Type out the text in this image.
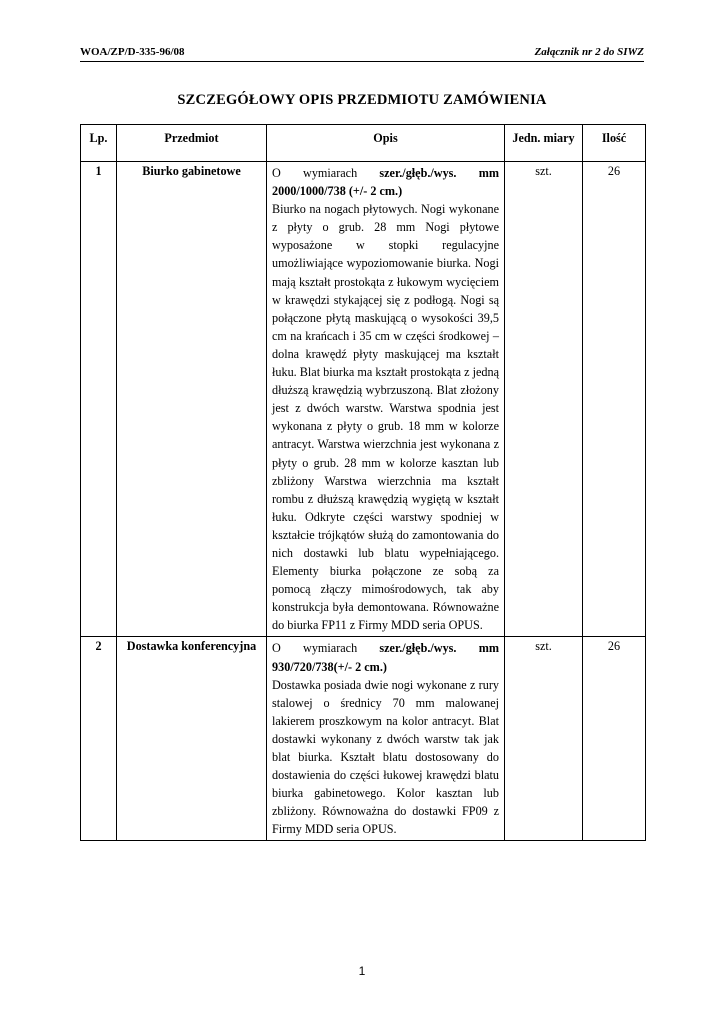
WOA/ZP/D-335-96/08	Załącznik nr 2 do SIWZ
SZCZEGÓŁOWY OPIS PRZEDMIOTU ZAMÓWIENIA
Lp.	Przedmiot	Opis	Jedn. miary	Ilość
1	Biurko gabinetowe	O wymiarach szer./głęb./wys. mm 2000/1000/738 (+/- 2 cm.)
Biurko na nogach płytowych. Nogi wykonane z płyty o grub. 28 mm Nogi płytowe wyposażone w stopki regulacyjne umożliwiające wypoziomowanie biurka. Nogi mają kształt prostokąta z łukowym wycięciem w krawędzi stykającej się z podłogą. Nogi są połączone płytą maskującą o wysokości 39,5 cm na krańcach i 35 cm w części środkowej – dolna krawędź płyty maskującej ma kształt łuku. Blat biurka ma kształt prostokąta z jedną dłuższą krawędzią wybrzuszoną. Blat złożony jest z dwóch warstw. Warstwa spodnia jest wykonana z płyty o grub. 18 mm w kolorze antracyt. Warstwa wierzchnia jest wykonana z płyty o grub. 28 mm w kolorze kasztan lub zbliżony Warstwa wierzchnia ma kształt rombu z dłuższą krawędzią wygiętą w kształt łuku. Odkryte części warstwy spodniej w kształcie trójkątów służą do zamontowania do nich dostawki lub blatu wypełniającego. Elementy biurka połączone ze sobą za pomocą złączy mimośrodowych, tak aby konstrukcja była demontowana. Równoważne do biurka FP11 z Firmy MDD seria OPUS.	szt.	26
2	Dostawka konferencyjna	O wymiarach szer./głęb./wys. mm 930/720/738(+/- 2 cm.)
Dostawka posiada dwie nogi wykonane z rury stalowej o średnicy 70 mm malowanej lakierem proszkowym na kolor antracyt. Blat dostawki wykonany z dwóch warstw tak jak blat biurka. Kształt blatu dostosowany do dostawienia do części łukowej krawędzi blatu biurka gabinetowego. Kolor kasztan lub zbliżony. Równoważna do dostawki FP09 z Firmy MDD seria OPUS.	szt.	26
1
